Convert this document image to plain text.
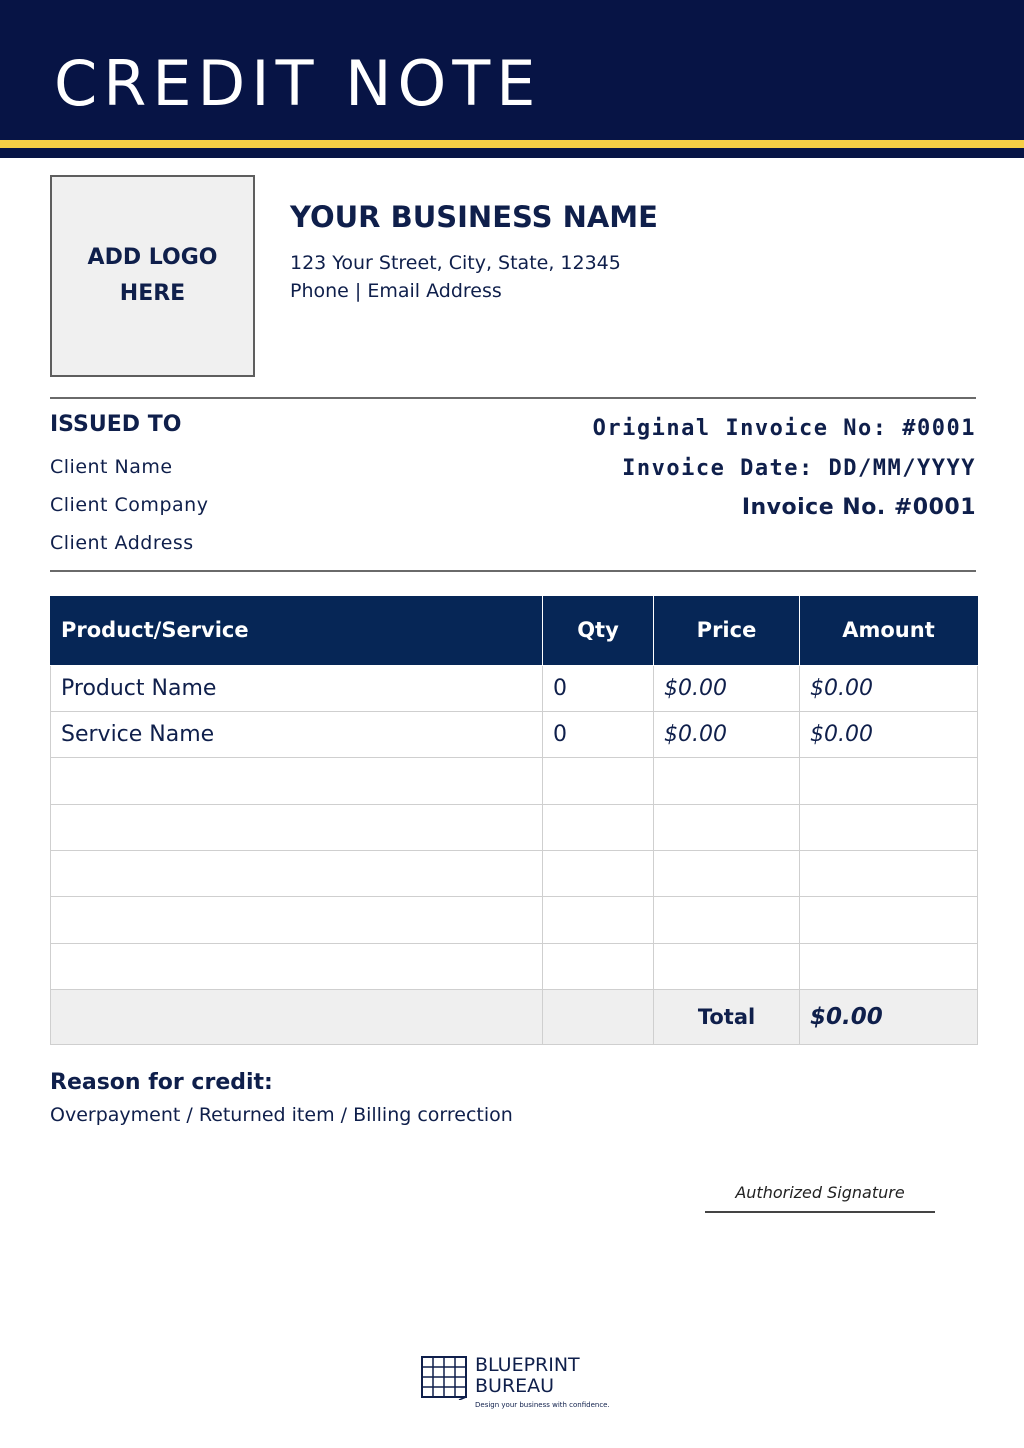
CREDIT NOTE
ADD LOGO
HERE
YOUR BUSINESS NAME
123 Your Street, City, State, 12345
Phone | Email Address
ISSUED TO
Client Name
Client Company
Client Address
Original Invoice No: #0001
Invoice Date: DD/MM/YYYY
Invoice No. #0001
Product/Service	Qty	Price	Amount
Product Name	0	$0.00	$0.00
Service Name	0	$0.00	$0.00

		Total	$0.00
Reason for credit:
Overpayment / Returned item / Billing correction
Authorized Signature
BLUEPRINT
BUREAU
Design your business with confidence.
